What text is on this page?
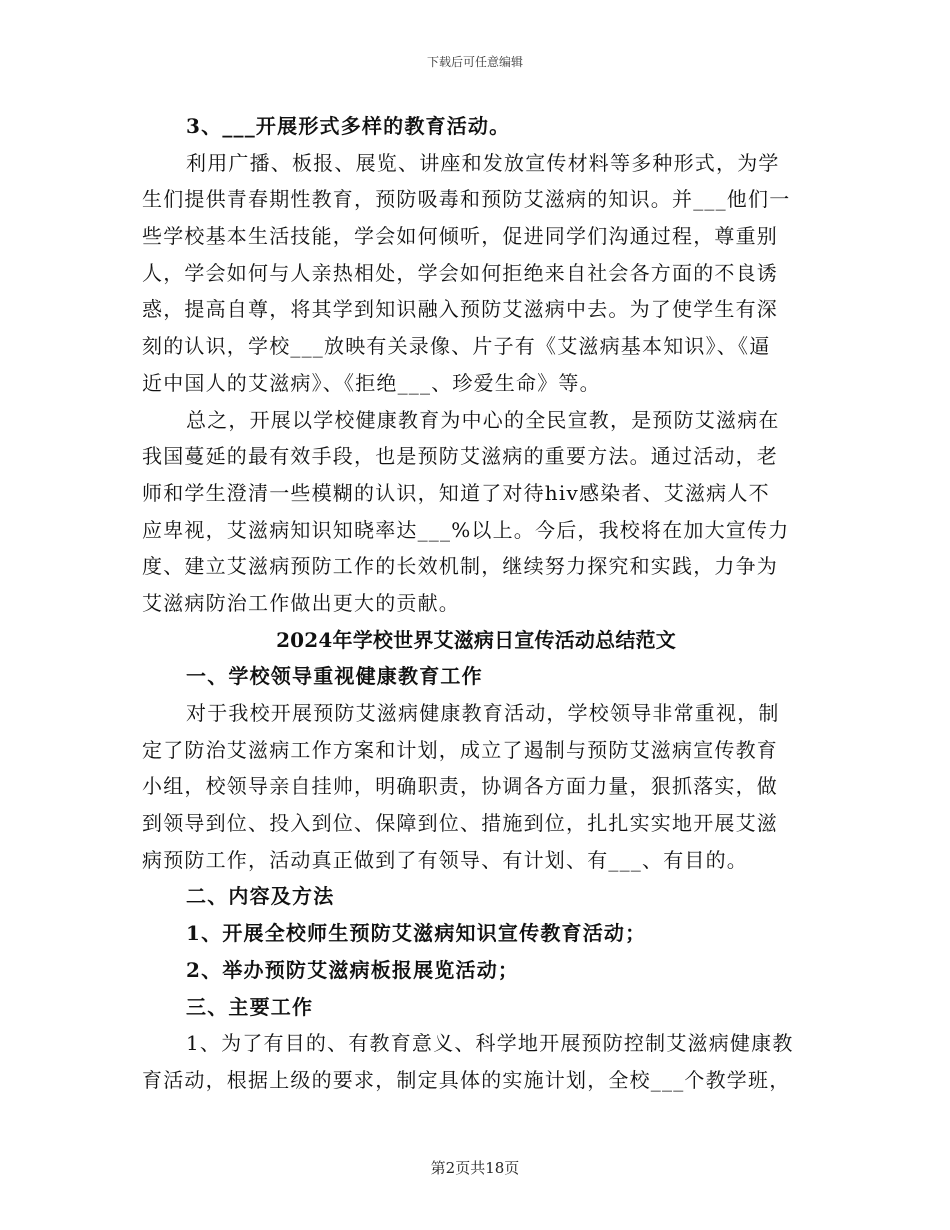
下载后可任意编辑
3、___开展形式多样的教育活动。
利用广播、板报、展览、讲座和发放宣传材料等多种形式，为学
生们提供青春期性教育，预防吸毒和预防艾滋病的知识。并___他们一
些学校基本生活技能，学会如何倾听，促进同学们沟通过程，尊重别
人，学会如何与人亲热相处，学会如何拒绝来自社会各方面的不良诱
惑，提高自尊，将其学到知识融入预防艾滋病中去。为了使学生有深
刻的认识，学校___放映有关录像、片子有《艾滋病基本知识》、《逼
近中国人的艾滋病》、《拒绝___、珍爱生命》等。
总之，开展以学校健康教育为中心的全民宣教，是预防艾滋病在
我国蔓延的最有效手段，也是预防艾滋病的重要方法。通过活动，老
师和学生澄清一些模糊的认识，知道了对待hiv感染者、艾滋病人不
应卑视，艾滋病知识知晓率达___%以上。今后，我校将在加大宣传力
度、建立艾滋病预防工作的长效机制，继续努力探究和实践，力争为
艾滋病防治工作做出更大的贡献。
2024年学校世界艾滋病日宣传活动总结范文
一、学校领导重视健康教育工作
对于我校开展预防艾滋病健康教育活动，学校领导非常重视，制
定了防治艾滋病工作方案和计划，成立了遏制与预防艾滋病宣传教育
小组，校领导亲自挂帅，明确职责，协调各方面力量，狠抓落实，做
到领导到位、投入到位、保障到位、措施到位，扎扎实实地开展艾滋
病预防工作，活动真正做到了有领导、有计划、有___、有目的。
二、内容及方法
1、开展全校师生预防艾滋病知识宣传教育活动；
2、举办预防艾滋病板报展览活动；
三、主要工作
1、为了有目的、有教育意义、科学地开展预防控制艾滋病健康教
育活动，根据上级的要求，制定具体的实施计划，全校___个教学班，
第2页共18页
